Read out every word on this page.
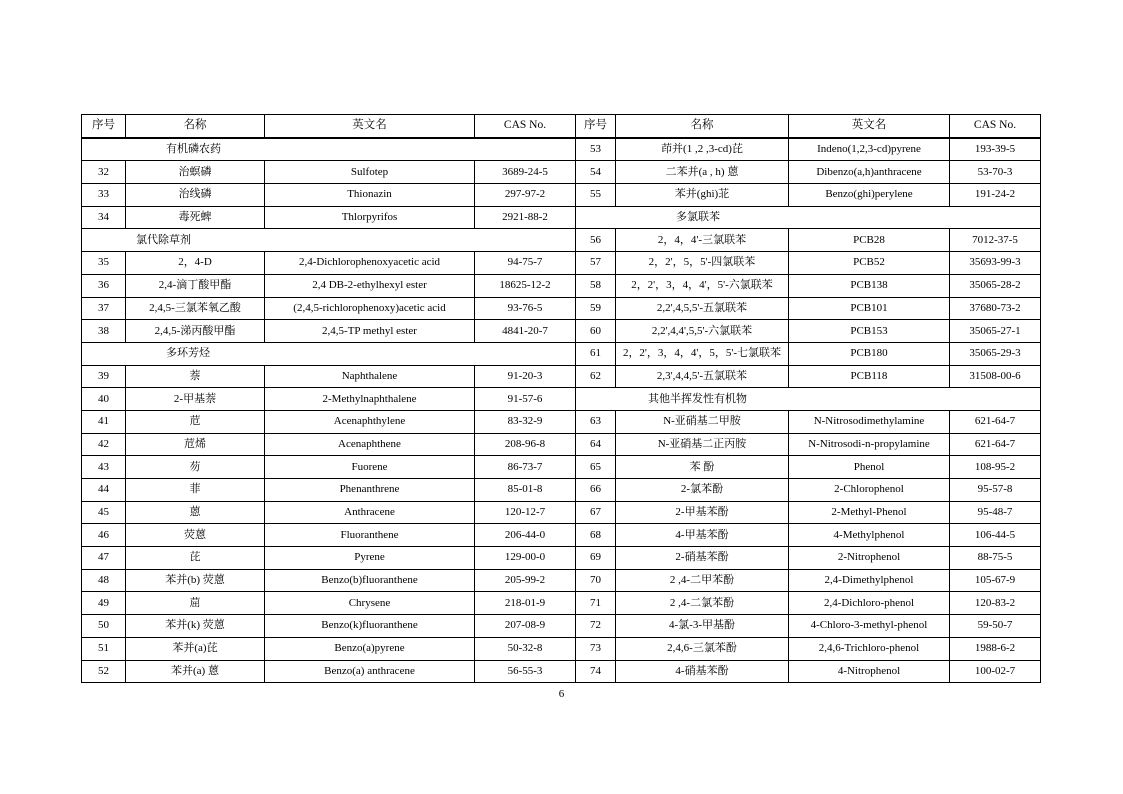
序号	名称	英文名	CAS No.	序号	名称	英文名	CAS No.
有机磷农药	53	茚并(1 ,2 ,3-cd)芘	Indeno(1,2,3-cd)pyrene	193-39-5
32	治螟磷	Sulfotep	3689-24-5	54	二苯并(a , h) 蒽	Dibenzo(a,h)anthracene	53-70-3
33	治线磷	Thionazin	297-97-2	55	苯并(ghi)苝	Benzo(ghi)perylene	191-24-2
34	毒死蜱	Thlorpyrifos	2921-88-2	多氯联苯
氯代除草剂	56	2，4，4'-三氯联苯	PCB28	7012-37-5
35	2，4-D	2,4-Dichlorophenoxyacetic acid	94-75-7	57	2，2'，5，5'-四氯联苯	PCB52	35693-99-3
36	2,4-滴丁酸甲酯	2,4 DB-2-ethylhexyl ester	18625-12-2	58	2，2'，3，4，4'，5'-六氯联苯	PCB138	35065-28-2
37	2,4,5-三氯苯氧乙酸	(2,4,5-richlorophenoxy)acetic acid	93-76-5	59	2,2',4,5,5'-五氯联苯	PCB101	37680-73-2
38	2,4,5-涕丙酸甲酯	2,4,5-TP methyl ester	4841-20-7	60	2,2',4,4',5,5'-六氯联苯	PCB153	35065-27-1
多环芳烃	61	2，2'，3，4，4'，5，5'-七氯联苯	PCB180	35065-29-3
39	萘	Naphthalene	91-20-3	62	2,3',4,4,5'-五氯联苯	PCB118	31508-00-6
40	2-甲基萘	2-Methylnaphthalene	91-57-6	其他半挥发性有机物
41	苊	Acenaphthylene	83-32-9	63	N-亚硝基二甲胺	N-Nitrosodimethylamine	621-64-7
42	苊烯	Acenaphthene	208-96-8	64	N-亚硝基二正丙胺	N-Nitrosodi-n-propylamine	621-64-7
43	芴	Fuorene	86-73-7	65	苯 酚	Phenol	108-95-2
44	菲	Phenanthrene	85-01-8	66	2-氯苯酚	2-Chlorophenol	95-57-8
45	蒽	Anthracene	120-12-7	67	2-甲基苯酚	2-Methyl-Phenol	95-48-7
46	荧蒽	Fluoranthene	206-44-0	68	4-甲基苯酚	4-Methylphenol	106-44-5
47	芘	Pyrene	129-00-0	69	2-硝基苯酚	2-Nitrophenol	88-75-5
48	苯并(b) 荧蒽	Benzo(b)fluoranthene	205-99-2	70	2 ,4-二甲苯酚	2,4-Dimethylphenol	105-67-9
49	䓛	Chrysene	218-01-9	71	2 ,4-二氯苯酚	2,4-Dichloro-phenol	120-83-2
50	苯并(k) 荧蒽	Benzo(k)fluoranthene	207-08-9	72	4-氯-3-甲基酚	4-Chloro-3-methyl-phenol	59-50-7
51	苯并(a)芘	Benzo(a)pyrene	50-32-8	73	2,4,6-三氯苯酚	2,4,6-Trichloro-phenol	1988-6-2
52	苯并(a) 蒽	Benzo(a) anthracene	56-55-3	74	4-硝基苯酚	4-Nitrophenol	100-02-7
6
